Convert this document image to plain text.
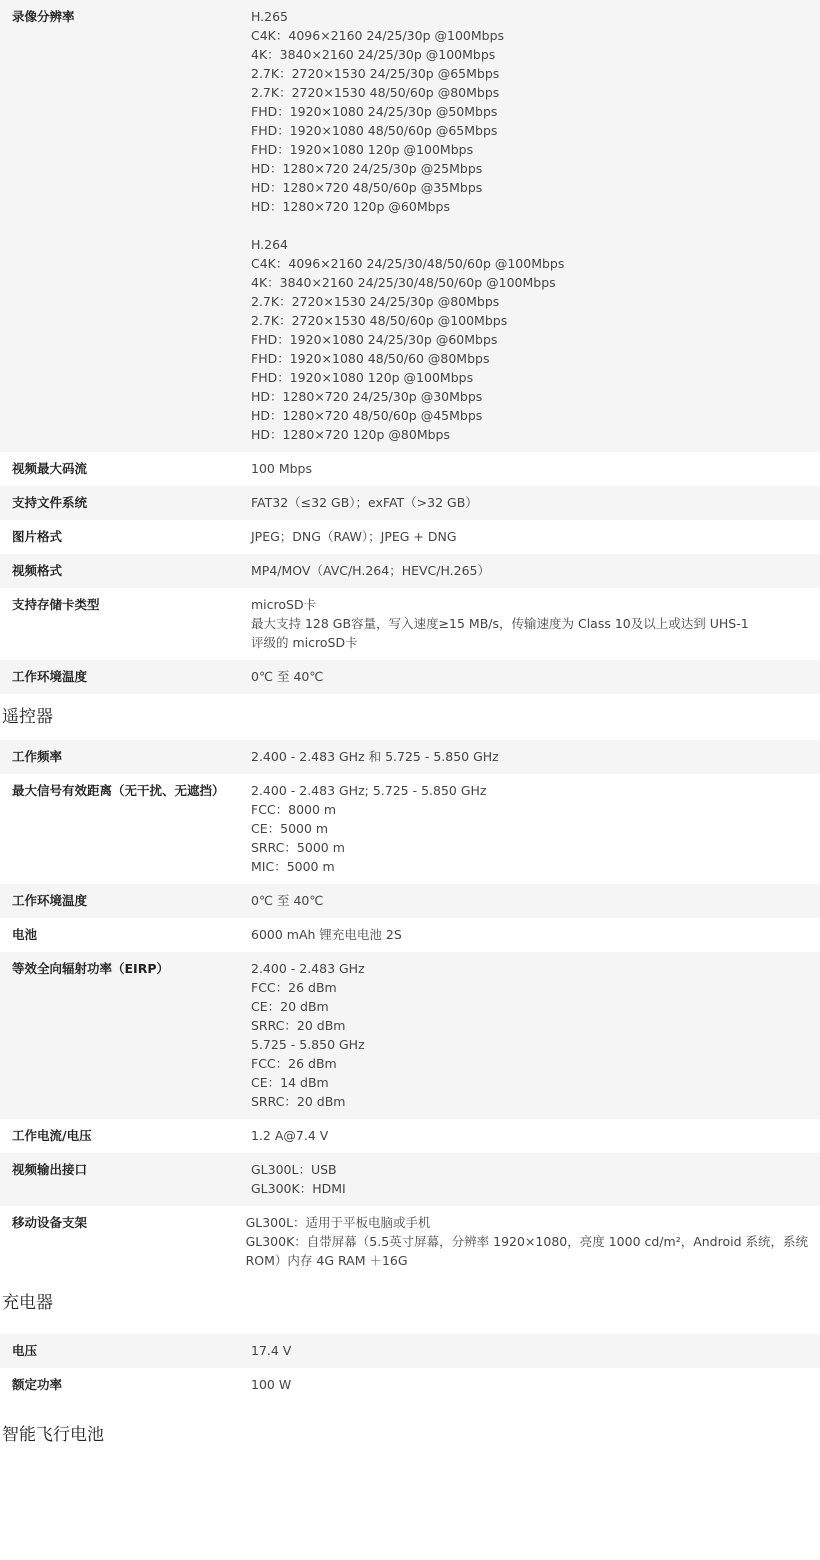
录像分辨率	H.265
C4K：4096×2160 24/25/30p @100Mbps
4K：3840×2160 24/25/30p @100Mbps
2.7K：2720×1530 24/25/30p @65Mbps
2.7K：2720×1530 48/50/60p @80Mbps
FHD：1920×1080 24/25/30p @50Mbps
FHD：1920×1080 48/50/60p @65Mbps
FHD：1920×1080 120p @100Mbps
HD：1280×720 24/25/30p @25Mbps
HD：1280×720 48/50/60p @35Mbps
HD：1280×720 120p @60Mbps
H.264
C4K：4096×2160 24/25/30/48/50/60p @100Mbps
4K：3840×2160 24/25/30/48/50/60p @100Mbps
2.7K：2720×1530 24/25/30p @80Mbps
2.7K：2720×1530 48/50/60p @100Mbps
FHD：1920×1080 24/25/30p @60Mbps
FHD：1920×1080 48/50/60 @80Mbps
FHD：1920×1080 120p @100Mbps
HD：1280×720 24/25/30p @30Mbps
HD：1280×720 48/50/60p @45Mbps
HD：1280×720 120p @80Mbps
视频最大码流	100 Mbps
支持文件系统	FAT32（≤32 GB）；exFAT（>32 GB）
图片格式	JPEG；DNG（RAW）；JPEG + DNG
视频格式	MP4/MOV（AVC/H.264；HEVC/H.265）
支持存储卡类型	microSD卡
最大支持 128 GB容量，写入速度≥15 MB/s，传输速度为 Class 10及以上或达到 UHS-1
评级的 microSD卡
工作环境温度	0℃ 至 40℃
遥控器
工作频率	2.400 - 2.483 GHz 和 5.725 - 5.850 GHz
最大信号有效距离（无干扰、无遮挡）	2.400 - 2.483 GHz; 5.725 - 5.850 GHz
FCC：8000 m
CE：5000 m
SRRC：5000 m
MIC：5000 m
工作环境温度	0℃ 至 40℃
电池	6000 mAh 锂充电电池 2S
等效全向辐射功率（EIRP）	2.400 - 2.483 GHz
FCC：26 dBm
CE：20 dBm
SRRC：20 dBm
5.725 - 5.850 GHz
FCC：26 dBm
CE：14 dBm
SRRC：20 dBm
工作电流/电压	1.2 A@7.4 V
视频输出接口	GL300L：USB
GL300K：HDMI
移动设备支架	GL300L：适用于平板电脑或手机
GL300K：自带屏幕（5.5英寸屏幕，分辨率 1920×1080，亮度 1000 cd/m²，Android 系统，系统
ROM）内存 4G RAM ＋16G
充电器
电压	17.4 V
额定功率	100 W
智能飞行电池
